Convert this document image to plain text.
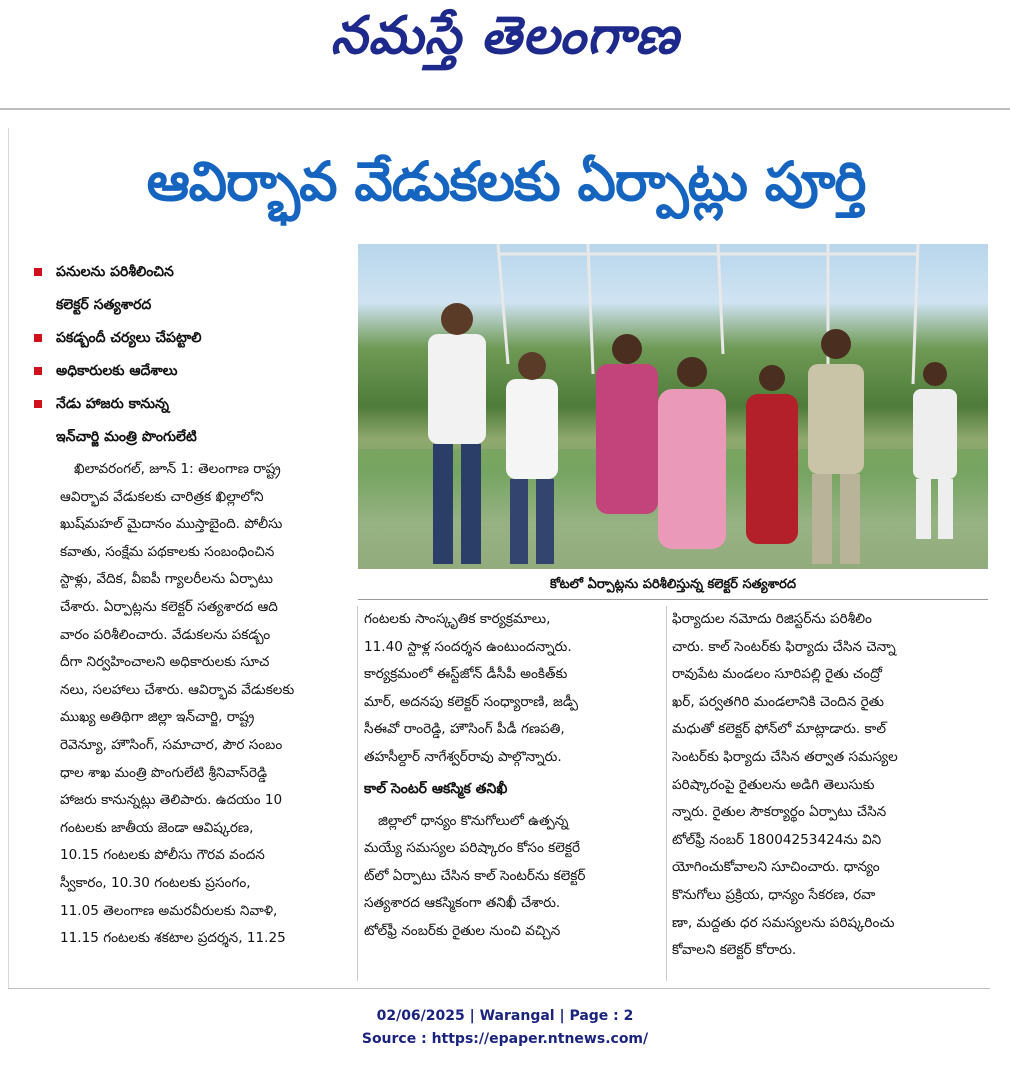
నమస్తే తెలంగాణ
ఆవిర్భావ వేడుకలకు ఏర్పాట్లు పూర్తి
పనులను పరిశీలించిన
కలెక్టర్ సత్యశారద
పకడ్బందీ చర్యలు చేపట్టాలి
అధికారులకు ఆదేశాలు
నేడు హాజరు కానున్న
ఇన్‌చార్జి మంత్రి పొంగులేటి
కోటలో ఏర్పాట్లను పరిశీలిస్తున్న కలెక్టర్ సత్యశారద
ఖిలావరంగల్, జూన్ 1: తెలంగాణ రాష్ట్ర
ఆవిర్భావ వేడుకలకు చారిత్రక ఖిల్లాలోని
ఖుష్‌మహల్ మైదానం ముస్తాబైంది. పోలీసు
కవాతు, సంక్షేమ పథకాలకు సంబంధించిన
స్టాళ్లు, వేదిక, వీఐపీ గ్యాలరీలను ఏర్పాటు
చేశారు. ఏర్పాట్లను కలెక్టర్ సత్యశారద ఆది
వారం పరిశీలించారు. వేడుకలను పకడ్బం
దీగా నిర్వహించాలని అధికారులకు సూచ
నలు, సలహాలు చేశారు. ఆవిర్భావ వేడుకలకు
ముఖ్య అతిథిగా జిల్లా ఇన్‌చార్జి, రాష్ట్ర
రెవెన్యూ, హౌసింగ్, సమాచార, పౌర సంబం
ధాల శాఖ మంత్రి పొంగులేటి శ్రీనివాస్‌రెడ్డి
హాజరు కానున్నట్లు తెలిపారు. ఉదయం 10
గంటలకు జాతీయ జెండా ఆవిష్కరణ,
10.15 గంటలకు పోలీసు గౌరవ వందన
స్వీకారం, 10.30 గంటలకు ప్రసంగం,
11.05 తెలంగాణ అమరవీరులకు నివాళి,
11.15 గంటలకు శకటాల ప్రదర్శన, 11.25
గంటలకు సాంస్కృతిక కార్యక్రమాలు,
11.40 స్టాళ్ల సందర్శన ఉంటుందన్నారు.
కార్యక్రమంలో ఈస్ట్‌జోన్ డీసీపీ అంకిత్‌కు
మార్, అదనపు కలెక్టర్ సంధ్యారాణి, జడ్పీ
సీఈవో రాంరెడ్డి, హౌసింగ్ పీడీ గణపతి,
తహసీల్దార్ నాగేశ్వర్‌రావు పాల్గొన్నారు.
కాల్ సెంటర్ ఆకస్మిక తనిఖీ
జిల్లాలో ధాన్యం కొనుగోలులో ఉత్పన్న
మయ్యే సమస్యల పరిష్కారం కోసం కలెక్టరే
ట్‌లో ఏర్పాటు చేసిన కాల్ సెంటర్‌ను కలెక్టర్
సత్యశారద ఆకస్మికంగా తనిఖీ చేశారు.
టోల్‌ఫ్రీ నంబర్‌కు రైతుల నుంచి వచ్చిన
ఫిర్యాదుల నమోదు రిజిస్టర్‌ను పరిశీలిం
చారు. కాల్ సెంటర్‌కు ఫిర్యాదు చేసిన చెన్నా
రావుపేట మండలం సూరిపల్లి రైతు చంద్రో
ఖర్, పర్వతగిరి మండలానికి చెందిన రైతు
మధుతో కలెక్టర్ ఫోన్‌లో మాట్లాడారు. కాల్
సెంటర్‌కు ఫిర్యాదు చేసిన తర్వాత సమస్యల
పరిష్కారంపై రైతులను అడిగి తెలుసుకు
న్నారు. రైతుల సౌకర్యార్థం ఏర్పాటు చేసిన
టోల్‌ఫ్రీ నంబర్ 18004253424ను విని
యోగించుకోవాలని సూచించారు. ధాన్యం
కొనుగోలు ప్రక్రియ, ధాన్యం సేకరణ, రవా
ణా, మద్దతు ధర సమస్యలను పరిష్కరించు
కోవాలని కలెక్టర్ కోరారు.
02/06/2025 | Warangal | Page : 2
Source : https://epaper.ntnews.com/
